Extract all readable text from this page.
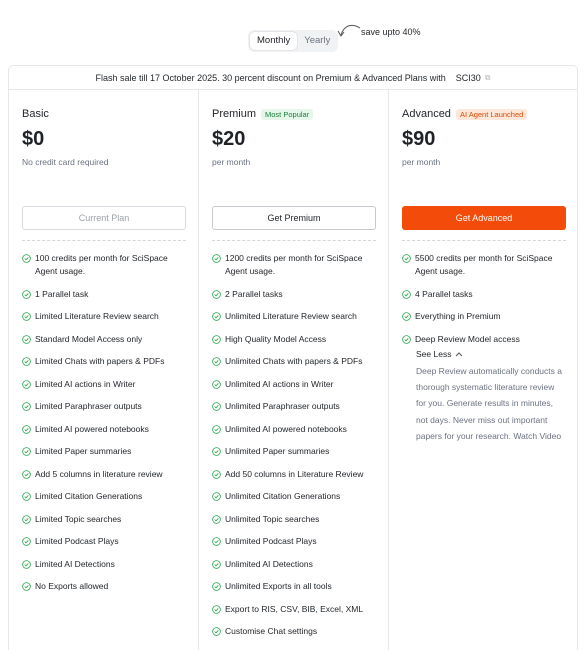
Monthly	Yearly
save upto 40%
Flash sale till 17 October 2025. 30 percent discount on Premium & Advanced Plans with SCI30 ⧉
Basic
$0
No credit card required
Current Plan
100 credits per month for SciSpace Agent usage.
1 Parallel task
Limited Literature Review search
Standard Model Access only
Limited Chats with papers & PDFs
Limited AI actions in Writer
Limited Paraphraser outputs
Limited AI powered notebooks
Limited Paper summaries
Add 5 columns in literature review
Limited Citation Generations
Limited Topic searches
Limited Podcast Plays
Limited AI Detections
No Exports allowed
Premium	Most Popular
$20
per month
Get Premium
1200 credits per month for SciSpace Agent usage.
2 Parallel tasks
Unlimited Literature Review search
High Quality Model Access
Unlimited Chats with papers & PDFs
Unlimited AI actions in Writer
Unlimited Paraphraser outputs
Unlimited AI powered notebooks
Unlimited Paper summaries
Add 50 columns in Literature Review
Unlimited Citation Generations
Unlimited Topic searches
Unlimited Podcast Plays
Unlimited AI Detections
Unlimited Exports in all tools
Export to RIS, CSV, BIB, Excel, XML
Customise Chat settings
Advanced	AI Agent Launched
$90
per month
Get Advanced
5500 credits per month for SciSpace Agent usage.
4 Parallel tasks
Everything in Premium
Deep Review Model access
See Less
Deep Review automatically conducts a thorough systematic literature review for you. Generate results in minutes, not days. Never miss out important papers for your research. Watch Video
